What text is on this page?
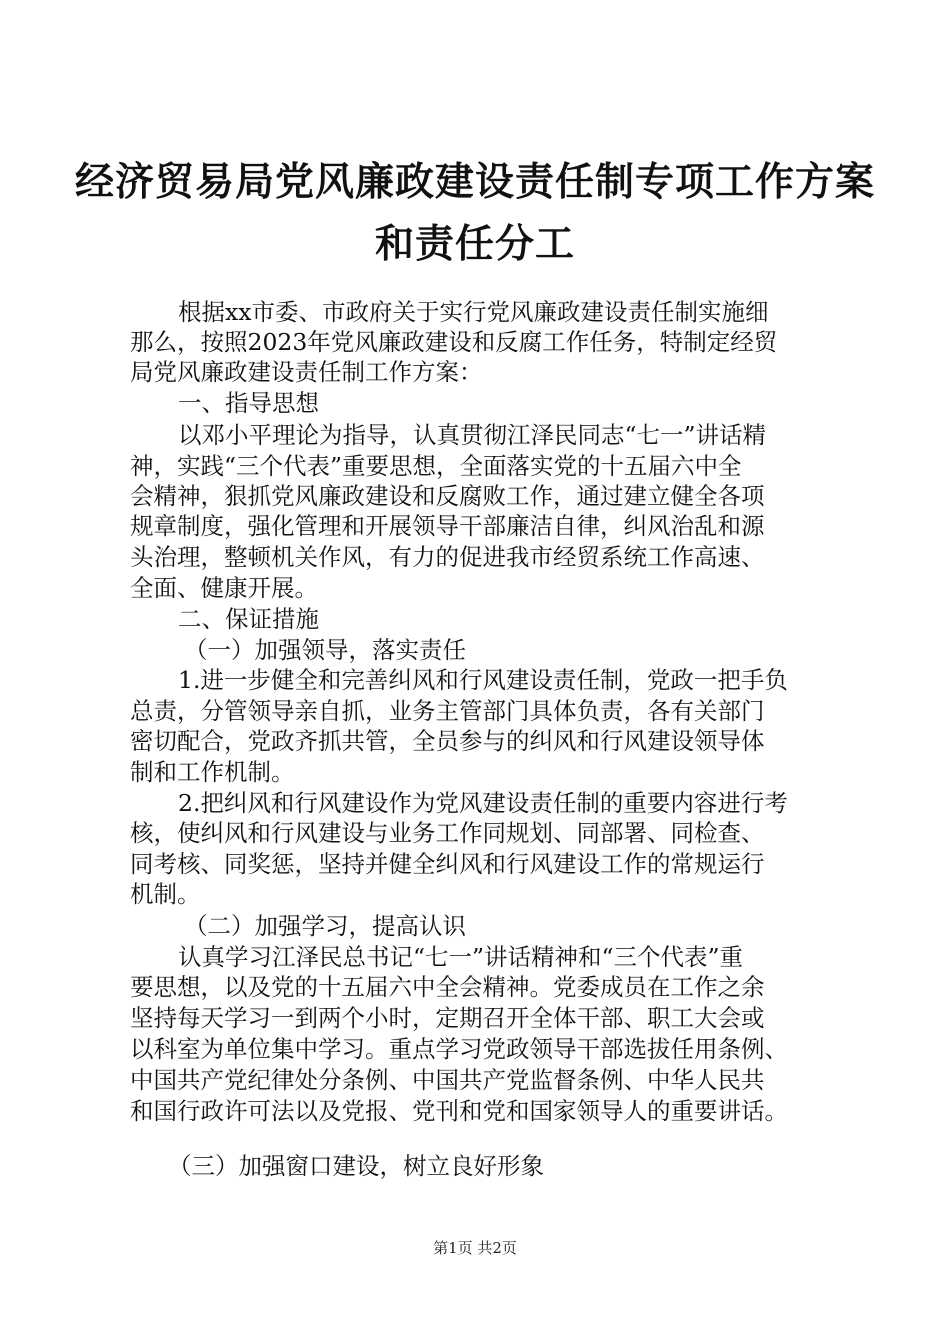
经济贸易局党风廉政建设责任制专项工作方案
和责任分工
根据xx市委、市政府关于实行党风廉政建设责任制实施细
那么，按照2023年党风廉政建设和反腐工作任务，特制定经贸
局党风廉政建设责任制工作方案：
一、指导思想
以邓小平理论为指导，认真贯彻江泽民同志“七一”讲话精
神，实践“三个代表”重要思想，全面落实党的十五届六中全
会精神，狠抓党风廉政建设和反腐败工作，通过建立健全各项
规章制度，强化管理和开展领导干部廉洁自律，纠风治乱和源
头治理，整顿机关作风，有力的促进我市经贸系统工作高速、
全面、健康开展。
二、保证措施
（一）加强领导，落实责任
1.进一步健全和完善纠风和行风建设责任制，党政一把手负
总责，分管领导亲自抓，业务主管部门具体负责，各有关部门
密切配合，党政齐抓共管，全员参与的纠风和行风建设领导体
制和工作机制。
2.把纠风和行风建设作为党风建设责任制的重要内容进行考
核，使纠风和行风建设与业务工作同规划、同部署、同检查、
同考核、同奖惩，坚持并健全纠风和行风建设工作的常规运行
机制。
（二）加强学习，提高认识
认真学习江泽民总书记“七一”讲话精神和“三个代表”重
要思想，以及党的十五届六中全会精神。党委成员在工作之余
坚持每天学习一到两个小时，定期召开全体干部、职工大会或
以科室为单位集中学习。重点学习党政领导干部选拔任用条例、
中国共产党纪律处分条例、中国共产党监督条例、中华人民共
和国行政许可法以及党报、党刊和党和国家领导人的重要讲话。
（三）加强窗口建设，树立良好形象
第1页 共2页
